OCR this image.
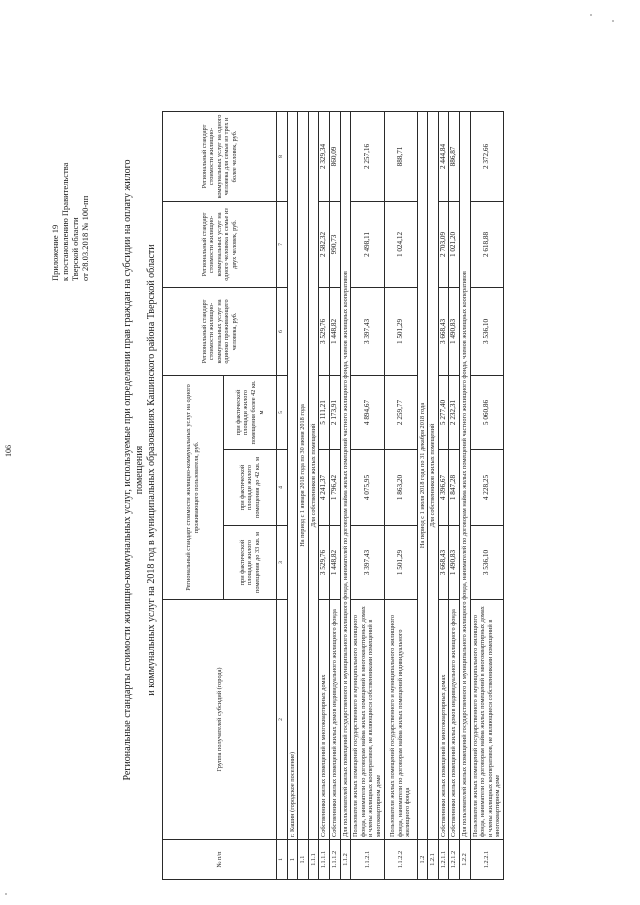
106
Приложение 19 к постановлению Правительства Тверской области от 28.03.2018 № 100-пп	Региональные стандарты стоимости жилищно-коммунальных услуг, используемые при определении прав граждан на субсидии на оплату жилого помещения и коммунальных услуг на 2018 год в муниципальных образованиях Кашинского района Тверской области
№ п/п	Группа получателей субсидий (города)	Региональный стандарт стоимости жилищно-коммунальных услуг на одного проживающего пользователя, руб.			Региональный стандарт стоимости жилищно-коммунальных услуг на одиноко проживающего человека, руб.	Региональный стандарт стоимости жилищно-коммунальных услуг на одного человека в семье из двух человек, руб.	Региональный стандарт стоимости жилищно-коммунальных услуг на одного человека для семьи из трех и более человек, руб.
		при фактической площади жилого помещения до 33 кв. м	при фактической площади жилого помещения до 42 кв. м	при фактической площади жилого помещения более 42 кв. м			
1	2	3	4	5	6	7	8
1	г. Кашин (городское поселение)						
1.1	На период с 1 января 2018 года по 30 июня 2018 года						
1.1.1	Для собственников жилых помещений						
1.1.1.1	Собственники жилых помещений в многоквартирных домах	3 529,76	4 241,37	5 111,21	3 529,76	2 582,32	2 329,34
1.1.1.2	Собственники жилых помещений жилых домов индивидуального жилищного фонда	1 448,82	1 796,42	2 173,91	1 448,82	990,73	860,09
1.1.2	Для пользователей жилых помещений государственного и муниципального жилищного фонда, нанимателей по договорам найма жилых помещений частного жилищного фонда, членов жилищных кооперативов						
1.1.2.1	Пользователи жилых помещений государственного и муниципального жилищного фонда, наниматели по договорам найма жилых помещений в многоквартирных домах и члены жилищных кооперативов, не являющиеся собственниками помещений в многоквартирном доме	3 397,43	4 075,95	4 894,67	3 397,43	2 498,11	2 257,16
1.1.2.2	Пользователи жилых помещений государственного и муниципального жилищного фонда, наниматели по договорам найма жилых помещений индивидуального жилищного фонда	1 501,29	1 863,20	2 259,77	1 501,29	1 024,12	888,71
1.2	На период с 1 июля 2018 года по 31 декабря 2018 года						
1.2.1	Для собственников жилых помещений						
1.2.1.1	Собственники жилых помещений в многоквартирных домах	3 668,43	4 396,67	5 277,40	3 668,43	2 703,09	2 444,84
1.2.1.2	Собственники жилых помещений жилых домов индивидуального жилищного фонда	1 490,83	1 847,28	2 232,31	1 490,83	1 021,20	886,87
1.2.2	Для пользователей жилых помещений государственного и муниципального жилищного фонда, нанимателей по договорам найма жилых помещений частного жилищного фонда, членов жилищных кооперативов						
1.2.2.1	Пользователи жилых помещений государственного и муниципального жилищного фонда, наниматели по договорам найма жилых помещений в многоквартирных домах и члены жилищных кооперативов, не являющиеся собственниками помещений в многоквартирном доме	3 536,10	4 228,25	5 060,86	3 536,10	2 618,88	2 372,66
